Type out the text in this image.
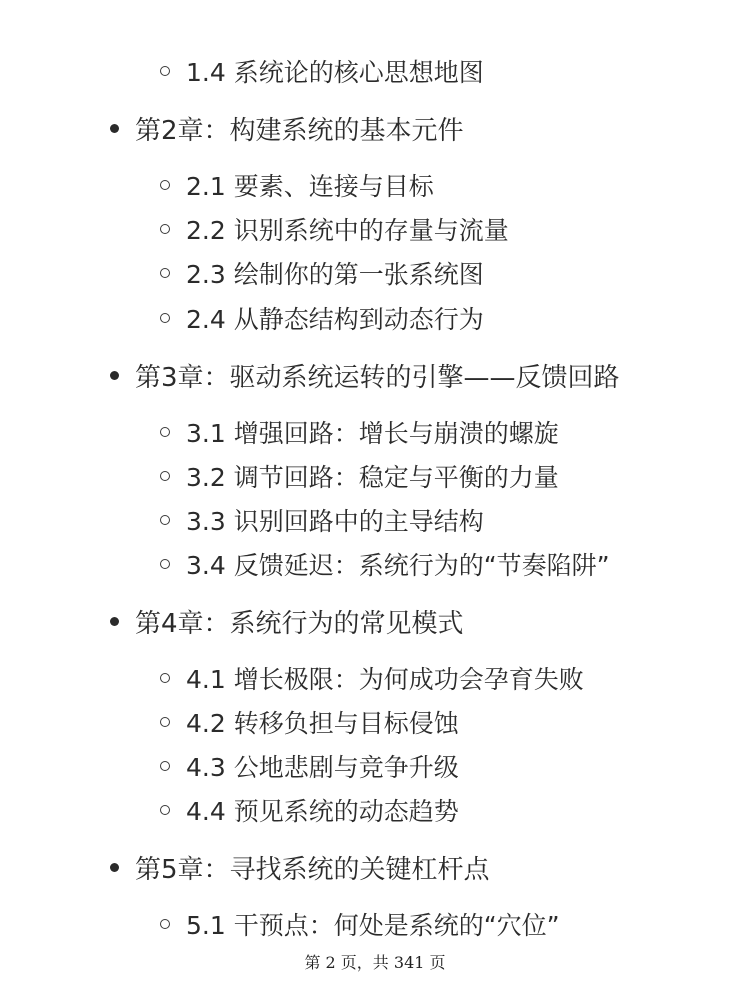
1.4 系统论的核心思想地图
第2章：构建系统的基本元件
2.1 要素、连接与目标
2.2 识别系统中的存量与流量
2.3 绘制你的第一张系统图
2.4 从静态结构到动态行为
第3章：驱动系统运转的引擎——反馈回路
3.1 增强回路：增长与崩溃的螺旋
3.2 调节回路：稳定与平衡的力量
3.3 识别回路中的主导结构
3.4 反馈延迟：系统行为的“节奏陷阱”
第4章：系统行为的常见模式
4.1 增长极限：为何成功会孕育失败
4.2 转移负担与目标侵蚀
4.3 公地悲剧与竞争升级
4.4 预见系统的动态趋势
第5章：寻找系统的关键杠杆点
5.1 干预点：何处是系统的“穴位”
第 2 页，共 341 页
